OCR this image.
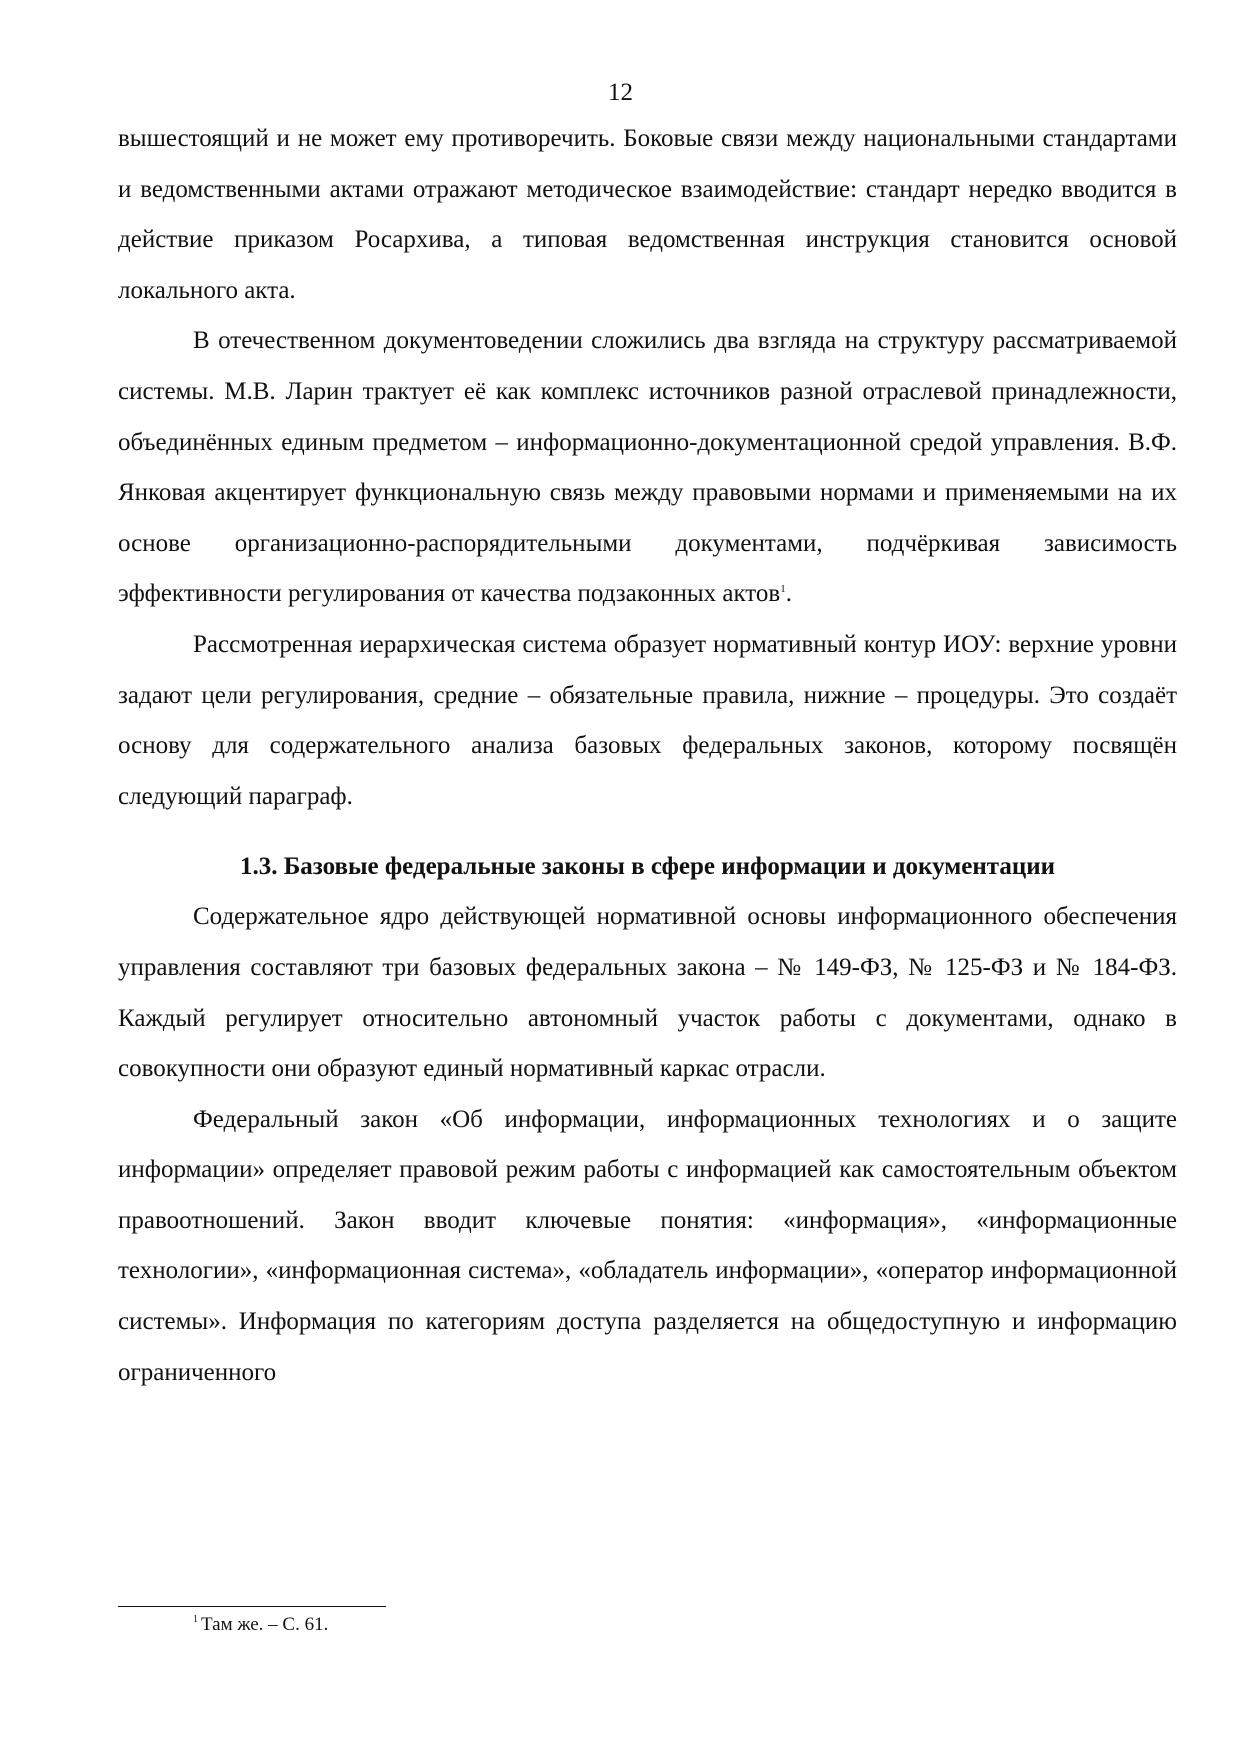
12

вышестоящий и не может ему противоречить. Боковые связи между национальными стандартами и ведомственными актами отражают методическое взаимодействие: стандарт нередко вводится в действие приказом Росархива, а типовая ведомственная инструкция становится основой локального акта.

В отечественном документоведении сложились два взгляда на структуру рассматриваемой системы. М.В. Ларин трактует её как комплекс источников разной отраслевой принадлежности, объединённых единым предметом – информационно-документационной средой управления. В.Ф. Янковая акцентирует функциональную связь между правовыми нормами и применяемыми на их основе организационно-распорядительными документами, подчёркивая зависимость эффективности регулирования от качества подзаконных актов$^1$.

Рассмотренная иерархическая система образует нормативный контур ИОУ: верхние уровни задают цели регулирования, средние – обязательные правила, нижние – процедуры. Это создаёт основу для содержательного анализа базовых федеральных законов, которому посвящён следующий параграф.

1.3. Базовые федеральные законы в сфере информации и документации

Содержательное ядро действующей нормативной основы информационного обеспечения управления составляют три базовых федеральных закона – № 149-ФЗ, № 125-ФЗ и № 184-ФЗ. Каждый регулирует относительно автономный участок работы с документами, однако в совокупности они образуют единый нормативный каркас отрасли.

Федеральный закон «Об информации, информационных технологиях и о защите информации» определяет правовой режим работы с информацией как самостоятельным объектом правоотношений. Закон вводит ключевые понятия: «информация», «информационные технологии», «информационная система», «обладатель информации», «оператор информационной системы». Информация по категориям доступа разделяется на общедоступную и информацию ограниченного

$^1$ Там же. – С. 61.
